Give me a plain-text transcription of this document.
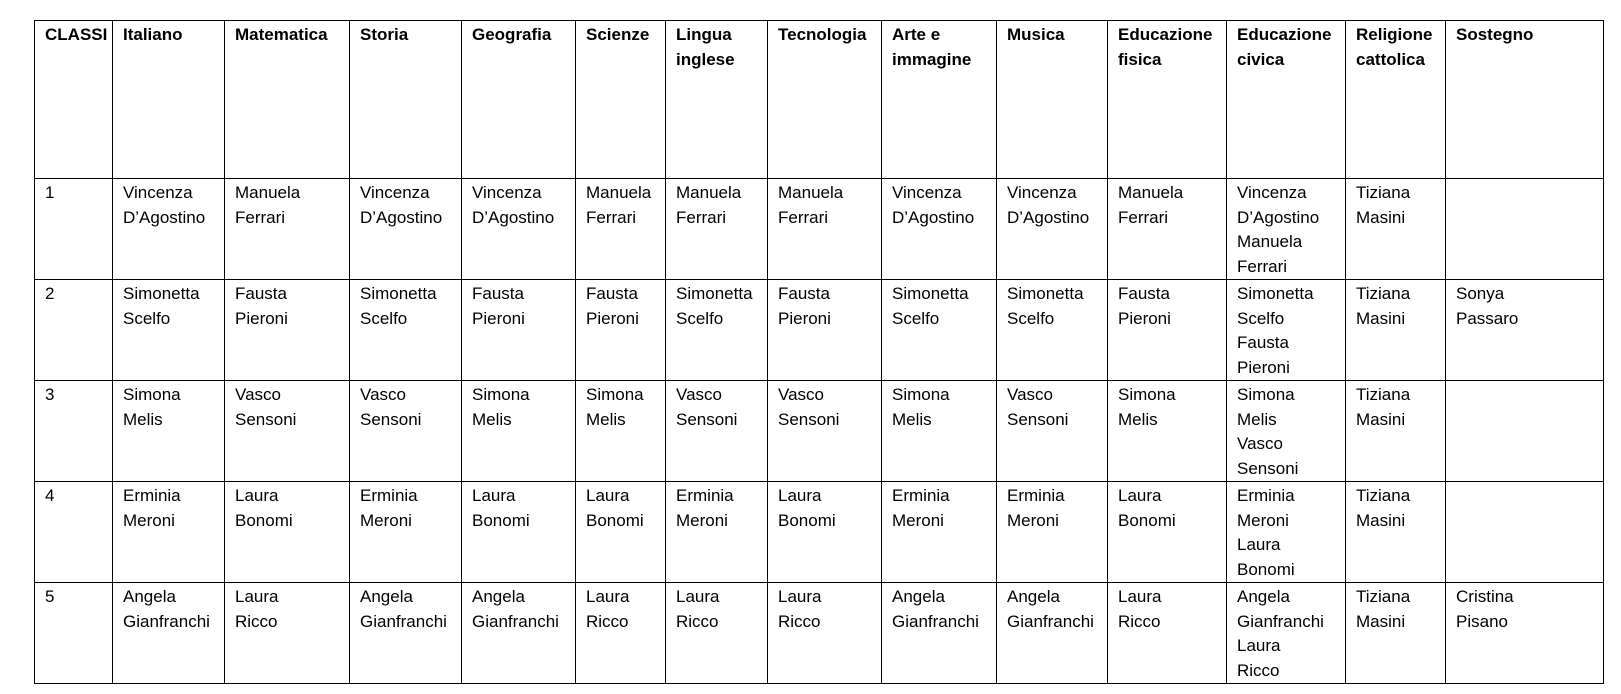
CLASSI	Italiano	Matematica	Storia	Geografia	Scienze	Lingua
inglese	Tecnologia	Arte e
immagine	Musica	Educazione
fisica	Educazione
civica	Religione
cattolica	Sostegno

1	Vincenza
D’Agostino	Manuela
Ferrari	Vincenza
D’Agostino	Vincenza
D’Agostino	Manuela
Ferrari	Manuela
Ferrari	Manuela
Ferrari	Vincenza
D’Agostino	Vincenza
D’Agostino	Manuela
Ferrari	Vincenza
D’Agostino
Manuela
Ferrari	Tiziana
Masini	

2	Simonetta
Scelfo	Fausta
Pieroni	Simonetta
Scelfo	Fausta
Pieroni	Fausta
Pieroni	Simonetta
Scelfo	Fausta
Pieroni	Simonetta
Scelfo	Simonetta
Scelfo	Fausta
Pieroni	Simonetta
Scelfo
Fausta
Pieroni	Tiziana
Masini	Sonya
Passaro

3	Simona
Melis	Vasco
Sensoni	Vasco
Sensoni	Simona
Melis	Simona
Melis	Vasco
Sensoni	Vasco
Sensoni	Simona
Melis	Vasco
Sensoni	Simona
Melis	Simona
Melis
Vasco
Sensoni	Tiziana
Masini	

4	Erminia
Meroni	Laura
Bonomi	Erminia
Meroni	Laura
Bonomi	Laura
Bonomi	Erminia
Meroni	Laura
Bonomi	Erminia
Meroni	Erminia
Meroni	Laura
Bonomi	Erminia
Meroni
Laura
Bonomi	Tiziana
Masini	

5	Angela
Gianfranchi	Laura
Ricco	Angela
Gianfranchi	Angela
Gianfranchi	Laura
Ricco	Laura
Ricco	Laura
Ricco	Angela
Gianfranchi	Angela
Gianfranchi	Laura
Ricco	Angela
Gianfranchi
Laura
Ricco	Tiziana
Masini	Cristina
Pisano
